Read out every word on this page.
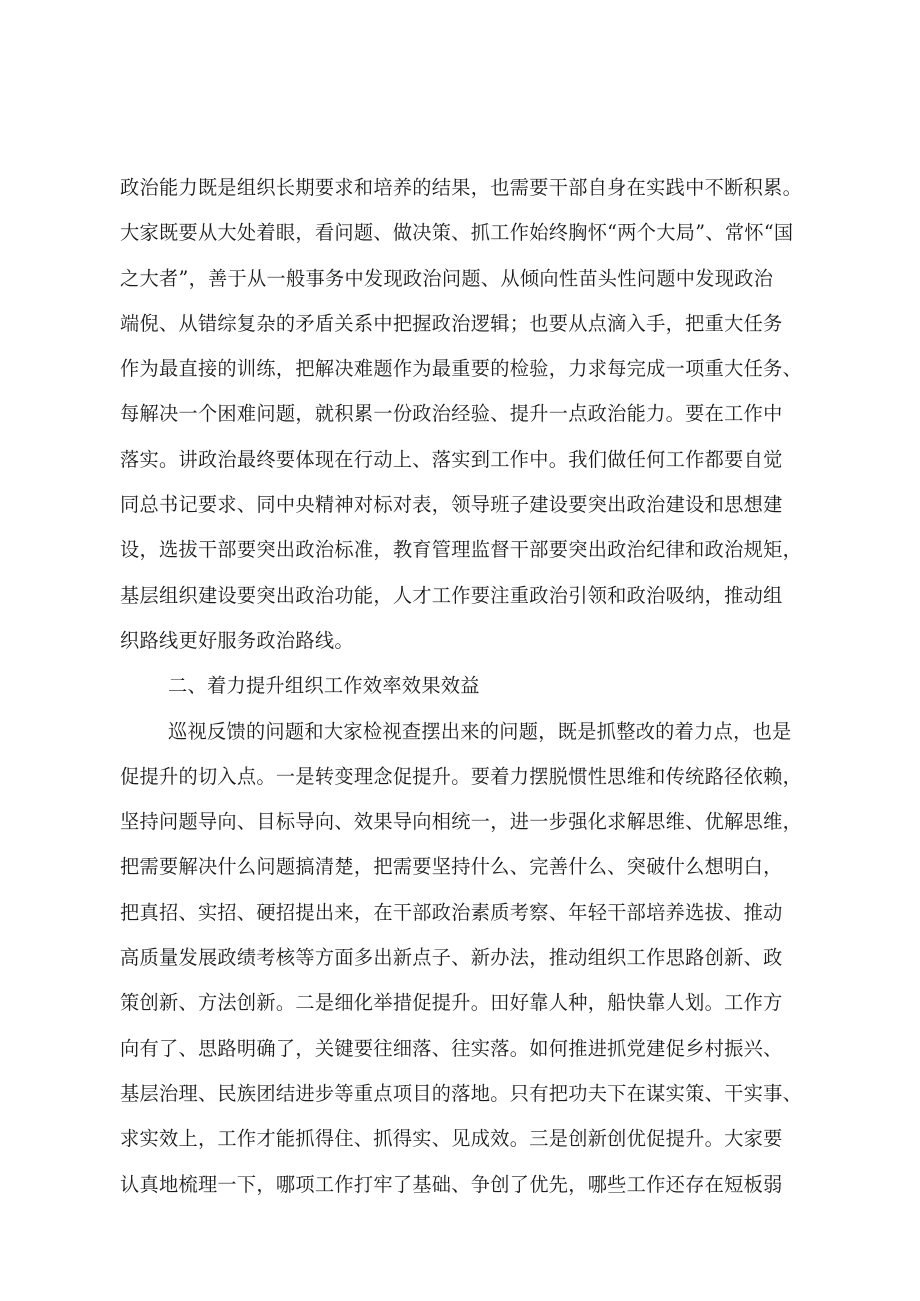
政治能力既是组织长期要求和培养的结果，也需要干部自身在实践中不断积累。
大家既要从大处着眼，看问题、做决策、抓工作始终胸怀“两个大局”、常怀“国
之大者”，善于从一般事务中发现政治问题、从倾向性苗头性问题中发现政治
端倪、从错综复杂的矛盾关系中把握政治逻辑；也要从点滴入手，把重大任务
作为最直接的训练，把解决难题作为最重要的检验，力求每完成一项重大任务、
每解决一个困难问题，就积累一份政治经验、提升一点政治能力。要在工作中
落实。讲政治最终要体现在行动上、落实到工作中。我们做任何工作都要自觉
同总书记要求、同中央精神对标对表，领导班子建设要突出政治建设和思想建
设，选拔干部要突出政治标准，教育管理监督干部要突出政治纪律和政治规矩，
基层组织建设要突出政治功能，人才工作要注重政治引领和政治吸纳，推动组
织路线更好服务政治路线。
二、着力提升组织工作效率效果效益
巡视反馈的问题和大家检视查摆出来的问题，既是抓整改的着力点，也是
促提升的切入点。一是转变理念促提升。要着力摆脱惯性思维和传统路径依赖，
坚持问题导向、目标导向、效果导向相统一，进一步强化求解思维、优解思维，
把需要解决什么问题搞清楚，把需要坚持什么、完善什么、突破什么想明白，
把真招、实招、硬招提出来，在干部政治素质考察、年轻干部培养选拔、推动
高质量发展政绩考核等方面多出新点子、新办法，推动组织工作思路创新、政
策创新、方法创新。二是细化举措促提升。田好靠人种，船快靠人划。工作方
向有了、思路明确了，关键要往细落、往实落。如何推进抓党建促乡村振兴、
基层治理、民族团结进步等重点项目的落地。只有把功夫下在谋实策、干实事、
求实效上，工作才能抓得住、抓得实、见成效。三是创新创优促提升。大家要
认真地梳理一下，哪项工作打牢了基础、争创了优先，哪些工作还存在短板弱
